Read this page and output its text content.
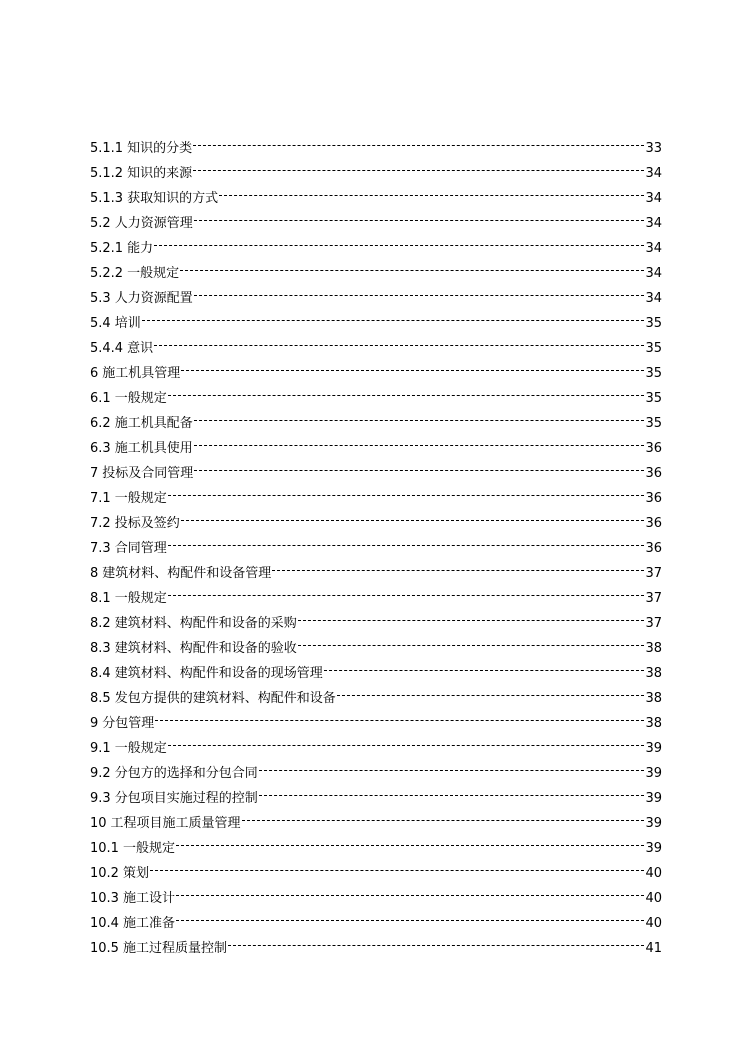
5.1.1 知识的分类	33
5.1.2 知识的来源	34
5.1.3 获取知识的方式	34
5.2 人力资源管理	34
5.2.1 能力	34
5.2.2 一般规定	34
5.3 人力资源配置	34
5.4 培训	35
5.4.4 意识	35
6 施工机具管理	35
6.1 一般规定	35
6.2 施工机具配备	35
6.3 施工机具使用	36
7 投标及合同管理	36
7.1 一般规定	36
7.2 投标及签约	36
7.3 合同管理	36
8 建筑材料、构配件和设备管理	37
8.1 一般规定	37
8.2 建筑材料、构配件和设备的采购	37
8.3 建筑材料、构配件和设备的验收	38
8.4 建筑材料、构配件和设备的现场管理	38
8.5 发包方提供的建筑材料、构配件和设备	38
9 分包管理	38
9.1 一般规定	39
9.2 分包方的选择和分包合同	39
9.3 分包项目实施过程的控制	39
10 工程项目施工质量管理	39
10.1 一般规定	39
10.2 策划	40
10.3 施工设计	40
10.4 施工准备	40
10.5 施工过程质量控制	41
